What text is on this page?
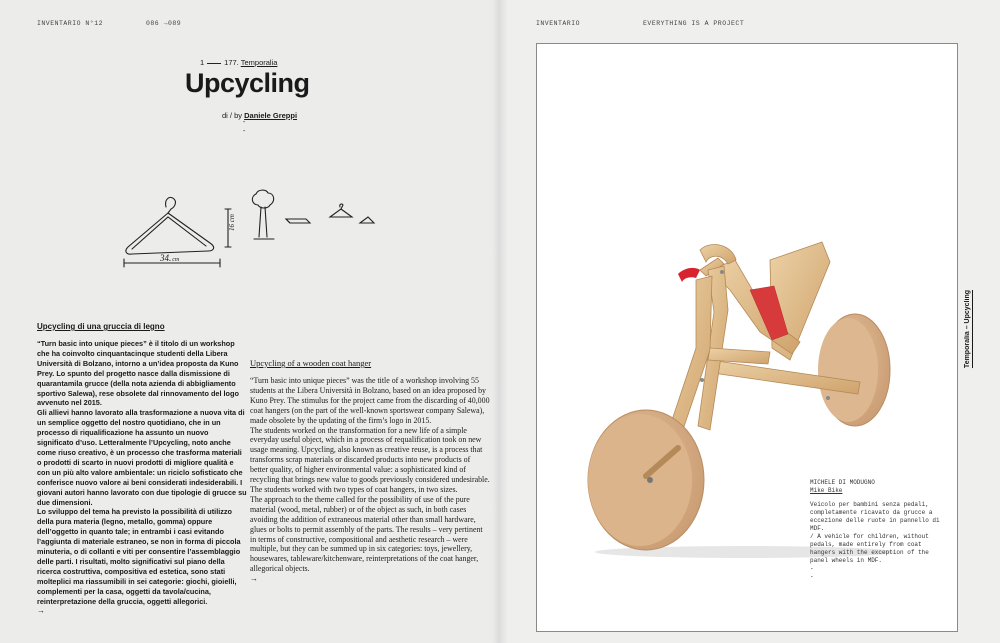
INVENTARIO N°12	086 →089	INVENTARIO	EVERYTHING IS A PROJECT
1	177. Temporalia
Upcycling
di / by Daniele Greppi
-
-
34.cm
16 cm
Upcycling di una gruccia di legno

“Turn basic into unique pieces” è il titolo di un workshop che ha coinvolto cinquantacinque studenti della Libera Università di Bolzano, intorno a un’idea proposta da Kuno Prey. Lo spunto del progetto nasce dalla dismissione di quarantamila grucce (della nota azienda di abbigliamento sportivo Salewa), rese obsolete dal rinnovamento del logo avvenuto nel 2015.

Gli allievi hanno lavorato alla trasformazione a nuova vita di un semplice oggetto del nostro quotidiano, che in un processo di riqualificazione ha assunto un nuovo significato d’uso. Letteralmente l’Upcycling, noto anche come riuso creativo, è un processo che trasforma materiali o prodotti di scarto in nuovi prodotti di migliore qualità e con un più alto valore ambientale: un riciclo sofisticato che conferisce nuovo valore ai beni considerati indesiderabili. I giovani autori hanno lavorato con due tipologie di grucce su due dimensioni.

Lo sviluppo del tema ha previsto la possibilità di utilizzo della pura materia (legno, metallo, gomma) oppure dell’oggetto in quanto tale; in entrambi i casi evitando l’aggiunta di materiale estraneo, se non in forma di piccola minuteria, o di collanti e viti per consentire l’assemblaggio delle parti. I risultati, molto significativi sul piano della ricerca costruttiva, compositiva ed estetica, sono stati molteplici ma riassumibili in sei categorie: giochi, gioielli, complementi per la casa, oggetti da tavola/cucina, reinterpretazione della gruccia, oggetti allegorici.

→

Upcycling of a wooden coat hanger

“Turn basic into unique pieces” was the title of a workshop involving 55 students at the Libera Università in Bolzano, based on an idea proposed by Kuno Prey. The stimulus for the project came from the discarding of 40,000 coat hangers (on the part of the well-known sportswear company Salewa), made obsolete by the updating of the firm’s logo in 2015.

The students worked on the transformation for a new life of a simple everyday useful object, which in a process of requalification took on new usage meaning. Upcycling, also known as creative reuse, is a process that transforms scrap materials or discarded products into new products of better quality, of higher environmental value: a sophisticated kind of recycling that brings new value to goods previously considered undesirable. The students worked with two types of coat hangers, in two sizes.

The approach to the theme called for the possibility of use of the pure material (wood, metal, rubber) or of the object as such, in both cases avoiding the addition of extraneous material other than small hardware, glues or bolts to permit assembly of the parts. The results – very pertinent in terms of constructive, compositional and aesthetic research – were multiple, but they can be summed up in six categories: toys, jewellery, housewares, tableware/kitchenware, reinterpretations of the coat hanger, allegorical objects.

→

MICHELE DI MODUGNO
Mike Bike
Veicolo per bambini senza pedali, completamente ricavato da grucce a eccezione delle ruote in pannello di MDF.
/ A vehicle for children, without pedals, made entirely from coat hangers with the exception of the panel wheels in MDF.
-
-
Temporalia – Upcycling
